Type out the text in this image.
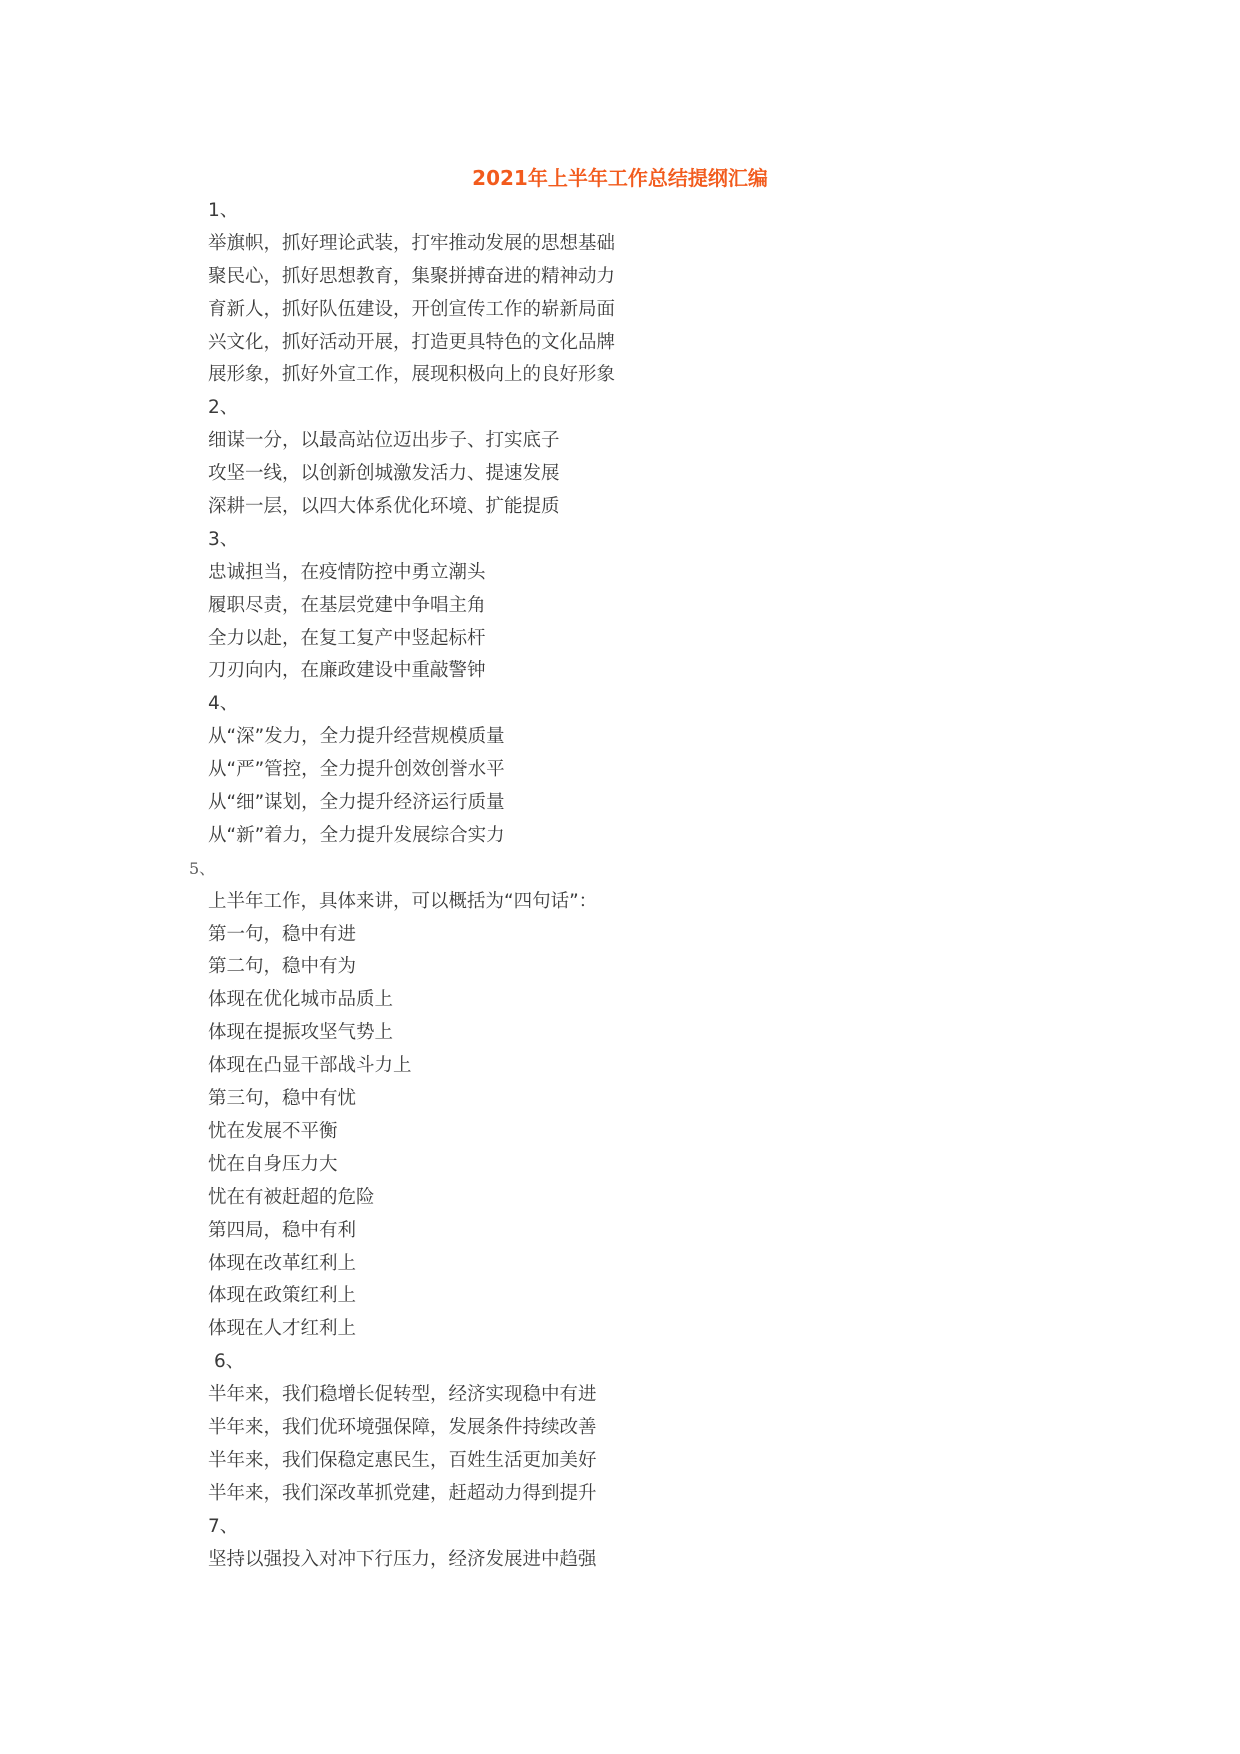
2021年上半年工作总结提纲汇编
1、
举旗帜，抓好理论武装，打牢推动发展的思想基础
聚民心，抓好思想教育，集聚拼搏奋进的精神动力
育新人，抓好队伍建设，开创宣传工作的崭新局面
兴文化，抓好活动开展，打造更具特色的文化品牌
展形象，抓好外宣工作，展现积极向上的良好形象
2、
细谋一分，以最高站位迈出步子、打实底子
攻坚一线，以创新创城激发活力、提速发展
深耕一层，以四大体系优化环境、扩能提质
3、
忠诚担当，在疫情防控中勇立潮头
履职尽责，在基层党建中争唱主角
全力以赴，在复工复产中竖起标杆
刀刃向内，在廉政建设中重敲警钟
4、
从“深”发力，全力提升经营规模质量
从“严”管控，全力提升创效创誉水平
从“细”谋划，全力提升经济运行质量
从“新”着力，全力提升发展综合实力
5、
上半年工作，具体来讲，可以概括为“四句话”：
第一句，稳中有进
第二句，稳中有为
体现在优化城市品质上
体现在提振攻坚气势上
体现在凸显干部战斗力上
第三句，稳中有忧
忧在发展不平衡
忧在自身压力大
忧在有被赶超的危险
第四局，稳中有利
体现在改革红利上
体现在政策红利上
体现在人才红利上
6、
半年来，我们稳增长促转型，经济实现稳中有进
半年来，我们优环境强保障，发展条件持续改善
半年来，我们保稳定惠民生，百姓生活更加美好
半年来，我们深改革抓党建，赶超动力得到提升
7、
坚持以强投入对冲下行压力，经济发展进中趋强
